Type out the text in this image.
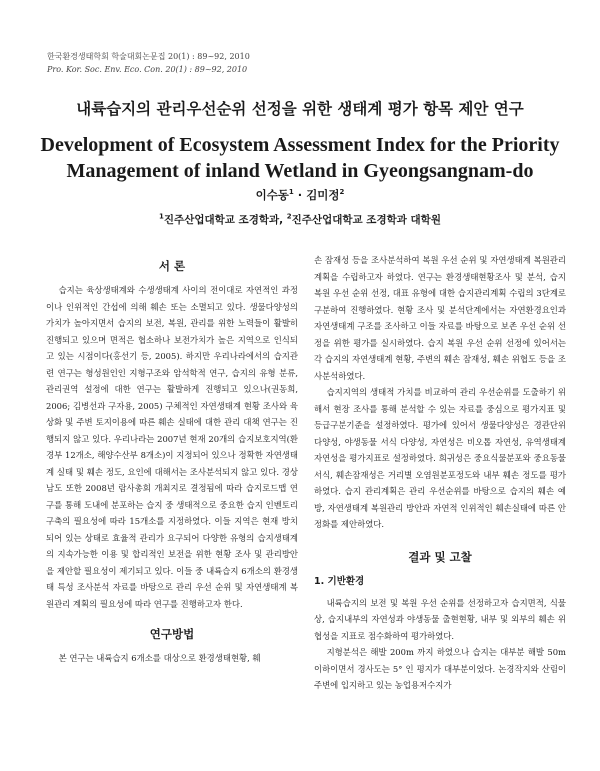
한국환경생태학회 학술대회논문집 20(1) : 89~92, 2010
Pro. Kor. Soc. Env. Eco. Con. 20(1) : 89~92, 2010
내륙습지의 관리우선순위 선정을 위한 생태계 평가 항목 제안 연구
Development of Ecosystem Assessment Index for the Priority Management of inland Wetland in Gyeongsangnam-do
이수동$^1$ · 김미정$^2$
$^1$진주산업대학교 조경학과, $^2$진주산업대학교 조경학과 대학원
서 론

습지는 육상생태계와 수생생태계 사이의 전이대로 자연적인 과정이나 인위적인 간섭에 의해 훼손 또는 소멸되고 있다. 생물다양성의 가치가 높아지면서 습지의 보전, 복원, 관리를 위한 노력들이 활발히 진행되고 있으며 면적은 협소하나 보전가치가 높은 지역으로 인식되고 있는 시점이다(홍선기 등, 2005). 하지만 우리나라에서의 습지관련 연구는 형성원인인 지형구조와 암석학적 연구, 습지의 유형 분류, 관리권역 설정에 대한 연구는 활발하게 진행되고 있으나(권동희, 2006; 김병선과 구자용, 2005) 구체적인 자연생태계 현황 조사와 육상화 및 주변 토지이용에 따른 훼손 실태에 대한 관리 대책 연구는 진행되지 않고 있다. 우리나라는 2007년 현재 20개의 습지보호지역(환경부 12개소, 해양수산부 8개소)이 지정되어 있으나 정확한 자연생태계 실태 및 훼손 정도, 요인에 대해서는 조사분석되지 않고 있다. 경상남도 또한 2008년 람사총회 개최지로 결정됨에 따라 습지로드맵 연구를 통해 도내에 분포하는 습지 중 생태적으로 중요한 습지 인벤토리 구축의 필요성에 따라 15개소를 지정하였다. 이들 지역은 현재 방치되어 있는 상태로 효율적 관리가 요구되어 다양한 유형의 습지생태계의 지속가능한 이용 및 합리적인 보전을 위한 현황 조사 및 관리방안을 제안할 필요성이 제기되고 있다. 이들 중 내륙습지 6개소의 환경생태 특성 조사분석 자료를 바탕으로 관리 우선 순위 및 자연생태계 복원관리 계획의 필요성에 따라 연구를 진행하고자 한다.

연구방법

본 연구는 내륙습지 6개소를 대상으로 환경생태현황, 훼

손 잠재성 등을 조사분석하여 복원 우선 순위 및 자연생태계 복원관리 계획을 수립하고자 하였다. 연구는 환경생태현황조사 및 분석, 습지 복원 우선 순위 선정, 대표 유형에 대한 습지관리계획 수립의 3단계로 구분하여 진행하였다. 현황 조사 및 분석단계에서는 자연환경요인과 자연생태계 구조를 조사하고 이들 자료를 바탕으로 보존 우선 순위 선정을 위한 평가를 실시하였다. 습지 복원 우선 순위 선정에 있어서는 각 습지의 자연생태계 현황, 주변의 훼손 잠재성, 훼손 위협도 등을 조사분석하였다.

습지지역의 생태적 가치를 비교하여 관리 우선순위를 도출하기 위해서 현장 조사를 통해 분석할 수 있는 자료를 중심으로 평가지표 및 등급구분기준을 설정하였다. 평가에 있어서 생물다양성은 경관단위 다양성, 야생동물 서식 다양성, 자연성은 비오톱 자연성, 유역생태계 자연성을 평가지표로 설정하였다. 희귀성은 중요식물분포와 중요동물서식, 훼손잠재성은 거리별 오염원분포정도와 내부 훼손 정도를 평가하였다. 습지 관리계획은 관리 우선순위를 바탕으로 습지의 훼손 예방, 자연생태계 복원관리 방안과 자연적 인위적인 훼손실태에 따른 안정화를 제안하였다.

결과 및 고찰
1. 기반환경

내륙습지의 보전 및 복원 우선 순위를 선정하고자 습지면적, 식물상, 습지내부의 자연성과 야생동물 출현현황, 내부 및 외부의 훼손 위협성을 지표로 점수화하여 평가하였다.

지형분석은 해발 200m 까지 하였으나 습지는 대부분 해발 50m 이하이면서 경사도는 5° 인 평지가 대부분이었다. 논경작지와 산림이 주변에 입지하고 있는 농업용저수지가
